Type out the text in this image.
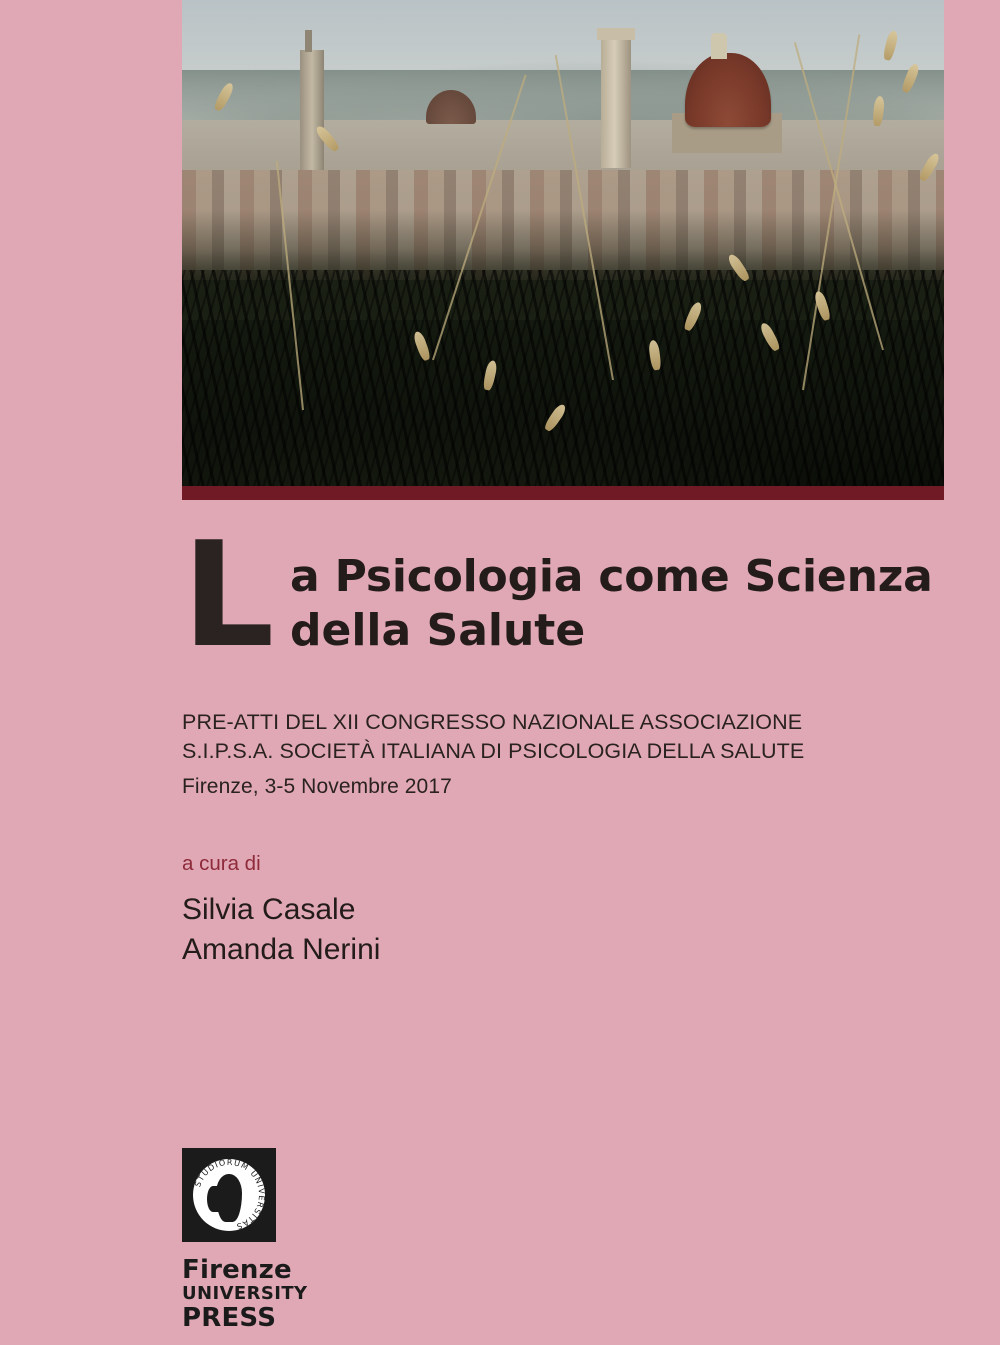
L a Psicologia come Scienza
della Salute
PRE-ATTI DEL XII CONGRESSO NAZIONALE ASSOCIAZIONE
S.I.P.S.A. SOCIETÀ ITALIANA DI PSICOLOGIA DELLA SALUTE
Firenze, 3-5 Novembre 2017
a cura di
Silvia Casale
Amanda Nerini
STUDIORUM UNIVERSITAS
Firenze
UNIVERSITY
PRESS
